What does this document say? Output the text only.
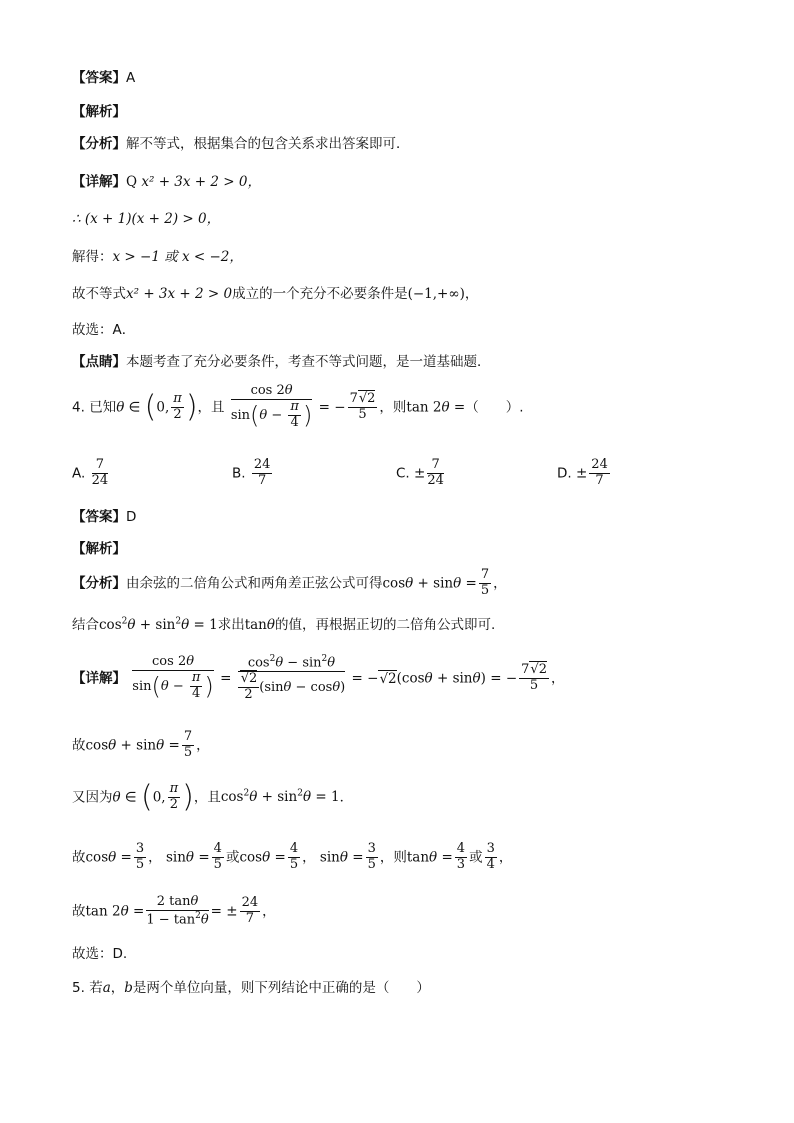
【答案】A
【解析】
【分析】解不等式，根据集合的包含关系求出答案即可．
【详解】Q x² + 3x + 2 > 0，
∴ (x + 1)(x + 2) > 0，
解得：x > −1 或 x < −2，
故不等式x² + 3x + 2 > 0成立的一个充分不必要条件是(−1,+∞)，
故选：A．
【点睛】本题考查了充分必要条件，考查不等式问题，是一道基础题．
4. 已知θ ∈ (0, $\frac{\pi}{2}$ )，且 $\frac{\cos 2\theta}{\sin(\theta - \frac{\pi}{4} )}$ = − $\frac{7√2}{5}$ ，则tan 2θ =（　　）.
A. $\frac{7}{24}$	B. $\frac{24}{7}$	C. ± $\frac{7}{24}$	D. ± $\frac{24}{7}$
【答案】D
【解析】
【分析】由余弦的二倍角公式和两角差正弦公式可得$\cos\theta + \sin\theta = \frac{7}{5}$ ，
结合$\cos^2\theta + \sin^2\theta = 1$求出tanθ的值，再根据正切的二倍角公式即可.
【详解】 $\frac{\cos 2\theta}{\sin(\theta - \frac{\pi}{4} )} = \frac{\cos^2\theta - \sin^2\theta}{\frac{√2}{2} (\sin\theta - \cos\theta)} = -√2(\cos\theta + \sin\theta)$ = − $\frac{7√2}{5}$ ，
故$\cos\theta + \sin\theta = \frac{7}{5}$ ，
又因为θ ∈ (0, $\frac{\pi}{2}$ )，且$\cos^2\theta + \sin^2\theta = 1$．
故$\cos\theta = \frac{3}{5}$ ， $\sin\theta = \frac{4}{5}$ 或$\cos\theta = \frac{4}{5}$ ， $\sin\theta = \frac{3}{5}$ ，则$\tan\theta = \frac{4}{3}$ 或 $\frac{3}{4}$ ，
故$\tan 2\theta = \frac{2 \tan\theta}{1 - \tan^2\theta}$ = ± $\frac{24}{7}$ ，
故选：D.
5. 若a，b是两个单位向量，则下列结论中正确的是（　　）
